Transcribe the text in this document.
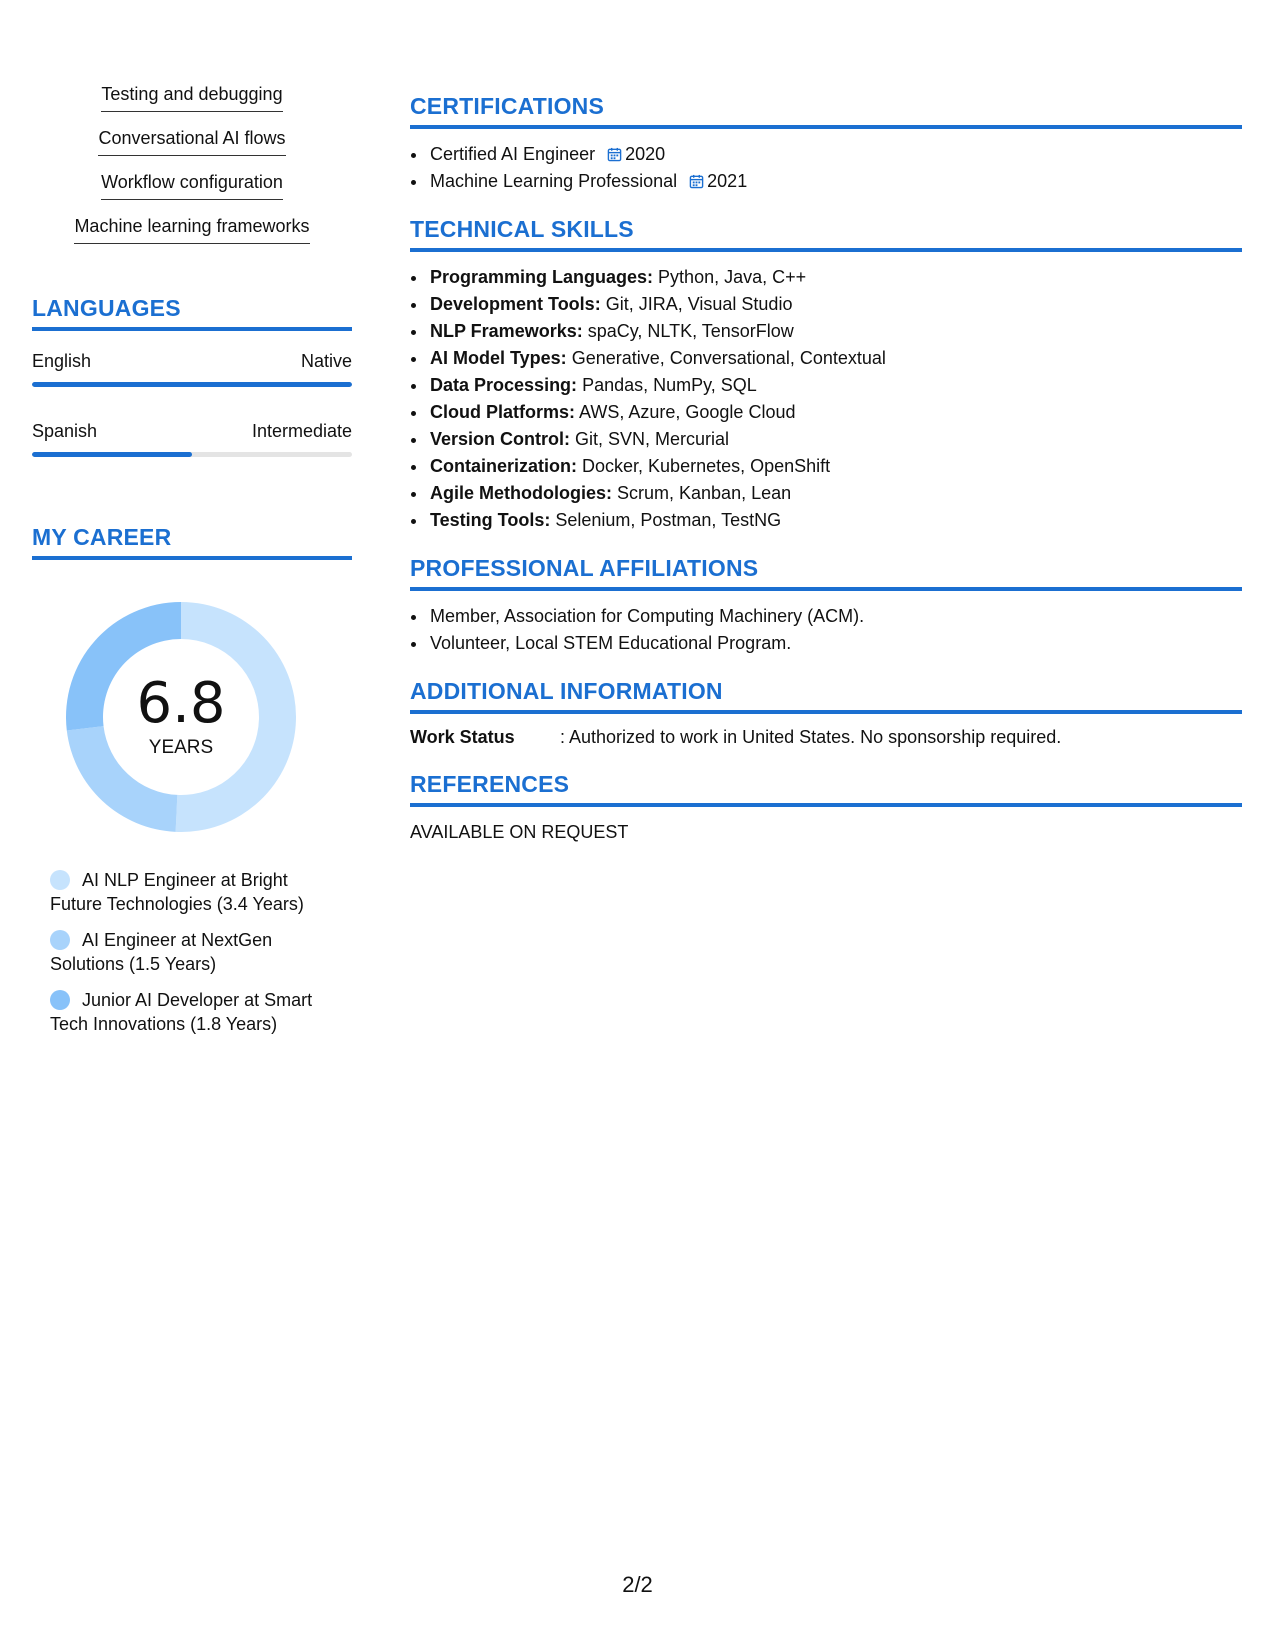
Testing and debugging
Conversational AI flows
Workflow configuration
Machine learning frameworks
LANGUAGES
English	Native
Spanish	Intermediate
MY CAREER
6.8
YEARS
AI NLP Engineer at Bright Future Technologies (3.4 Years)
AI Engineer at NextGen Solutions (1.5 Years)
Junior AI Developer at Smart Tech Innovations (1.8 Years)
CERTIFICATIONS
• Certified AI Engineer 2020
• Machine Learning Professional 2021
TECHNICAL SKILLS
• Programming Languages: Python, Java, C++
• Development Tools: Git, JIRA, Visual Studio
• NLP Frameworks: spaCy, NLTK, TensorFlow
• AI Model Types: Generative, Conversational, Contextual
• Data Processing: Pandas, NumPy, SQL
• Cloud Platforms: AWS, Azure, Google Cloud
• Version Control: Git, SVN, Mercurial
• Containerization: Docker, Kubernetes, OpenShift
• Agile Methodologies: Scrum, Kanban, Lean
• Testing Tools: Selenium, Postman, TestNG
PROFESSIONAL AFFILIATIONS
• Member, Association for Computing Machinery (ACM).
• Volunteer, Local STEM Educational Program.
ADDITIONAL INFORMATION
Work Status	: Authorized to work in United States. No sponsorship required.
REFERENCES
AVAILABLE ON REQUEST
2/2
